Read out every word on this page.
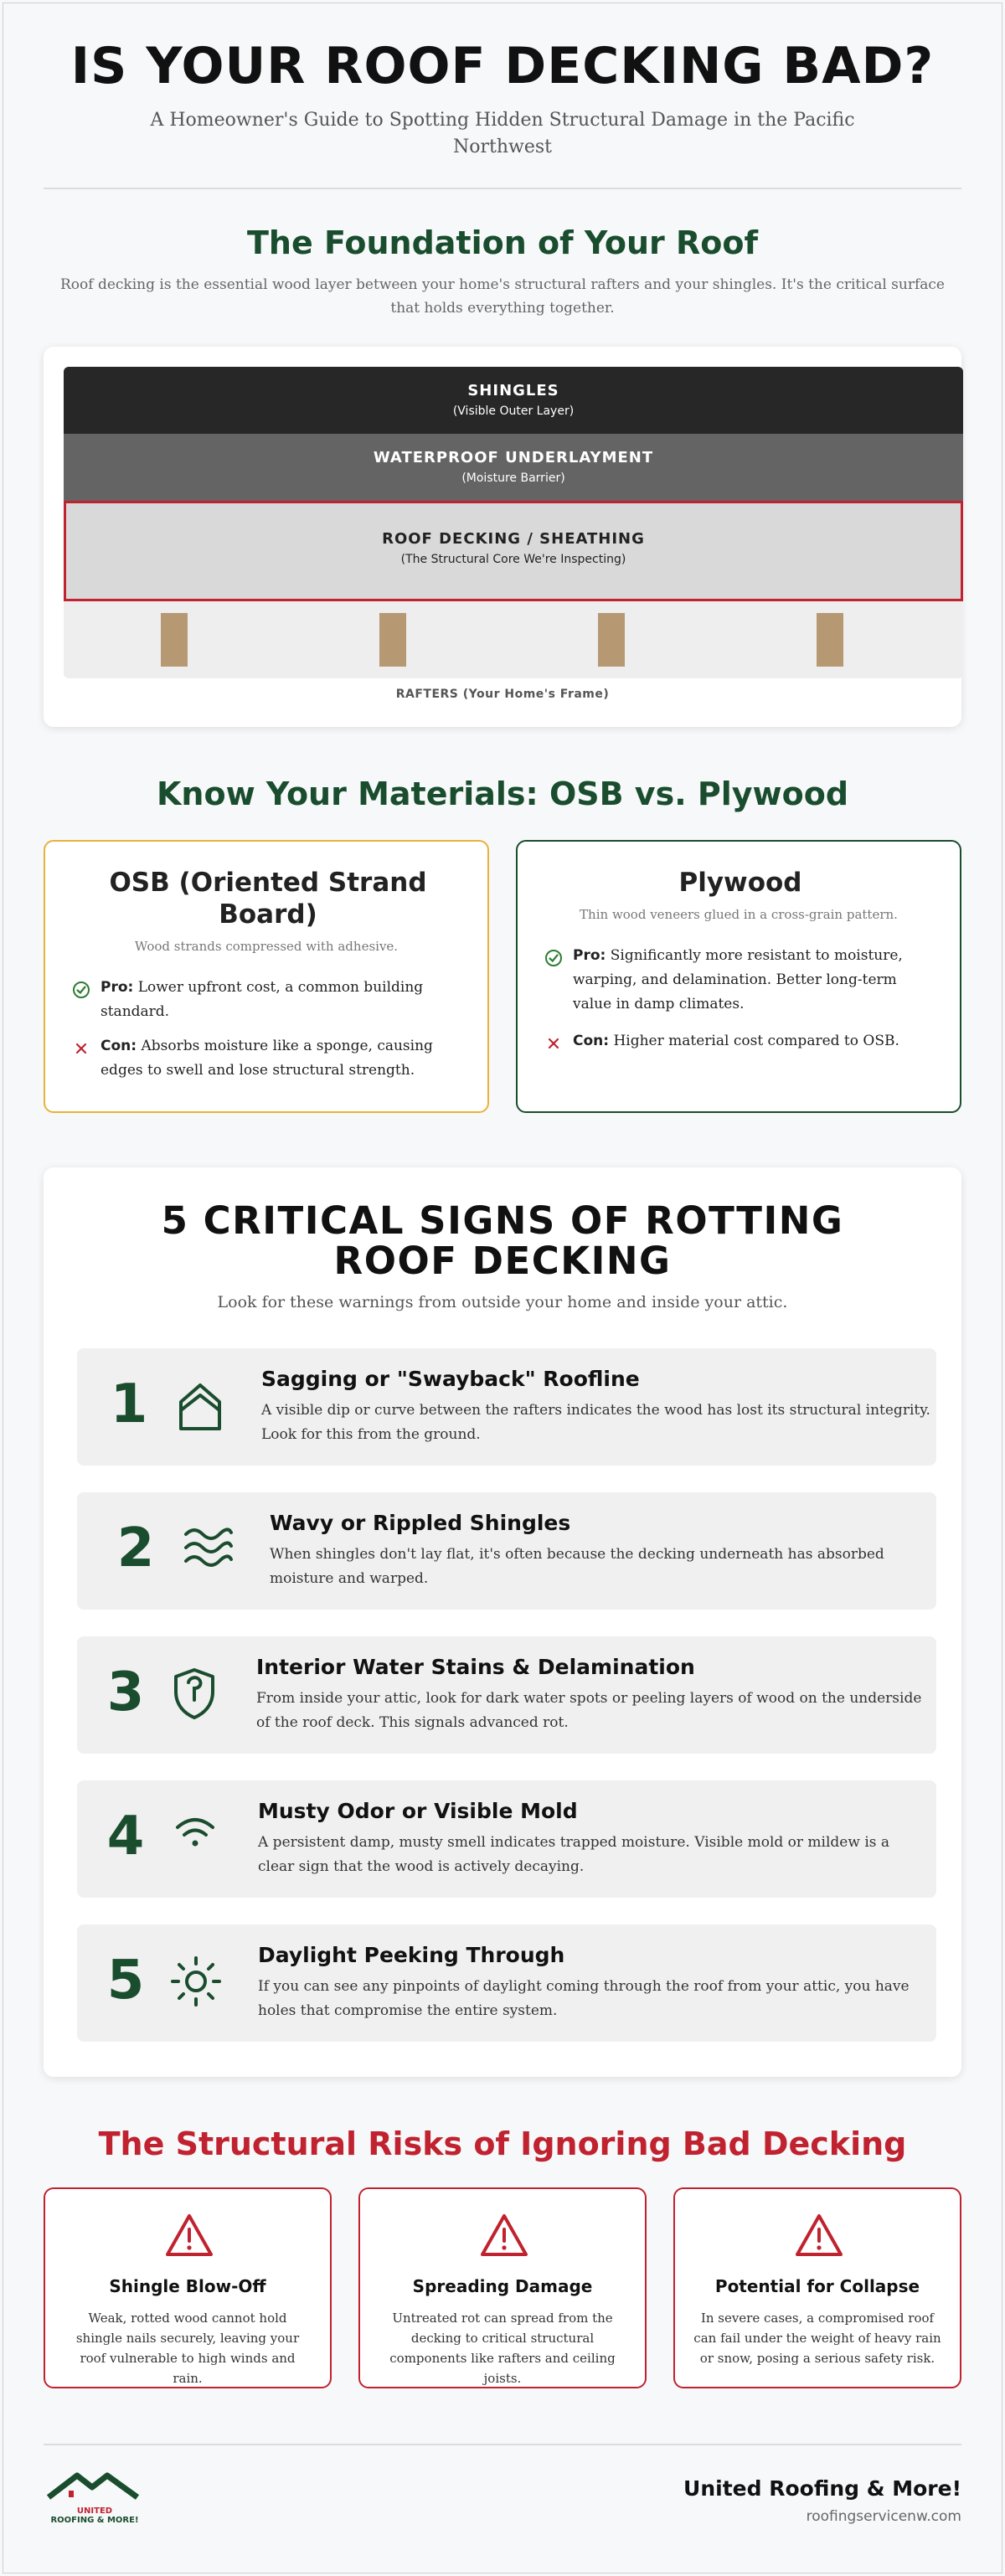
IS YOUR ROOF DECKING BAD?

A Homeowner's Guide to Spotting Hidden Structural Damage in the Pacific Northwest

The Foundation of Your Roof

Roof decking is the essential wood layer between your home's structural rafters and your shingles. It's the critical surface that holds everything together.

SHINGLES
(Visible Outer Layer)
WATERPROOF UNDERLAYMENT
(Moisture Barrier)
ROOF DECKING / SHEATHING
(The Structural Core We're Inspecting)
RAFTERS (Your Home's Frame)
Know Your Materials: OSB vs. Plywood
OSB (Oriented Strand Board)
Wood strands compressed with adhesive.
Pro: Lower upfront cost, a common building standard.
Con: Absorbs moisture like a sponge, causing edges to swell and lose structural strength.
Plywood
Thin wood veneers glued in a cross-grain pattern.
Pro: Significantly more resistant to moisture, warping, and delamination. Better long-term value in damp climates.
Con: Higher material cost compared to OSB.
5 CRITICAL SIGNS OF ROTTING ROOF DECKING

Look for these warnings from outside your home and inside your attic.

1	Sagging or "Swayback" Roofline
A visible dip or curve between the rafters indicates the wood has lost its structural integrity. Look for this from the ground.
2	Wavy or Rippled Shingles
When shingles don't lay flat, it's often because the decking underneath has absorbed moisture and warped.
3	Interior Water Stains & Delamination
From inside your attic, look for dark water spots or peeling layers of wood on the underside of the roof deck. This signals advanced rot.
4	Musty Odor or Visible Mold
A persistent damp, musty smell indicates trapped moisture. Visible mold or mildew is a clear sign that the wood is actively decaying.
5	Daylight Peeking Through
If you can see any pinpoints of daylight coming through the roof from your attic, you have holes that compromise the entire system.
The Structural Risks of Ignoring Bad Decking
Shingle Blow-Off
Weak, rotted wood cannot hold shingle nails securely, leaving your roof vulnerable to high winds and rain.
Spreading Damage
Untreated rot can spread from the decking to critical structural components like rafters and ceiling joists.
Potential for Collapse
In severe cases, a compromised roof can fail under the weight of heavy rain or snow, posing a serious safety risk.
UNITED
ROOFING & MORE!
United Roofing & More!
roofingservicenw.com
